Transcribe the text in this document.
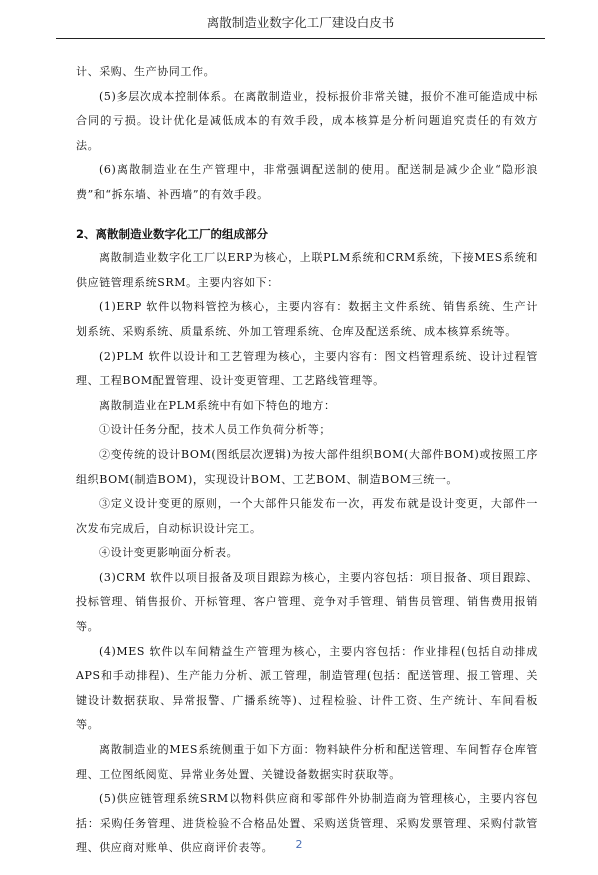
离散制造业数字化工厂建设白皮书

计、采购、生产协同工作。

(5)多层次成本控制体系。在离散制造业，投标报价非常关键，报价不准可能造成中标合同的亏损。设计优化是减低成本的有效手段，成本核算是分析问题追究责任的有效方法。

(6)离散制造业在生产管理中，非常强调配送制的使用。配送制是减少企业“隐形浪费”和“拆东墙、补西墙”的有效手段。

2、离散制造业数字化工厂的组成部分

离散制造业数字化工厂以ERP为核心，上联PLM系统和CRM系统，下接MES系统和供应链管理系统SRM。主要内容如下：

(1)ERP 软件以物料管控为核心，主要内容有：数据主文件系统、销售系统、生产计划系统、采购系统、质量系统、外加工管理系统、仓库及配送系统、成本核算系统等。

(2)PLM 软件以设计和工艺管理为核心，主要内容有：图文档管理系统、设计过程管理、工程BOM配置管理、设计变更管理、工艺路线管理等。

离散制造业在PLM系统中有如下特色的地方：

①设计任务分配，技术人员工作负荷分析等；

②变传统的设计BOM(图纸层次逻辑)为按大部件组织BOM(大部件BOM)或按照工序组织BOM(制造BOM)，实现设计BOM、工艺BOM、制造BOM三统一。

③定义设计变更的原则，一个大部件只能发布一次，再发布就是设计变更，大部件一次发布完成后，自动标识设计完工。

④设计变更影响面分析表。

(3)CRM 软件以项目报备及项目跟踪为核心，主要内容包括：项目报备、项目跟踪、投标管理、销售报价、开标管理、客户管理、竞争对手管理、销售员管理、销售费用报销等。

(4)MES 软件以车间精益生产管理为核心，主要内容包括：作业排程(包括自动排成APS和手动排程)、生产能力分析、派工管理，制造管理(包括：配送管理、报工管理、关键设计数据获取、异常报警、广播系统等)、过程检验、计件工资、生产统计、车间看板等。

离散制造业的MES系统侧重于如下方面：物料缺件分析和配送管理、车间暂存仓库管理、工位图纸阅览、异常业务处置、关键设备数据实时获取等。

(5)供应链管理系统SRM以物料供应商和零部件外协制造商为管理核心，主要内容包括：采购任务管理、进货检验不合格品处置、采购送货管理、采购发票管理、采购付款管理、供应商对账单、供应商评价表等。	2
